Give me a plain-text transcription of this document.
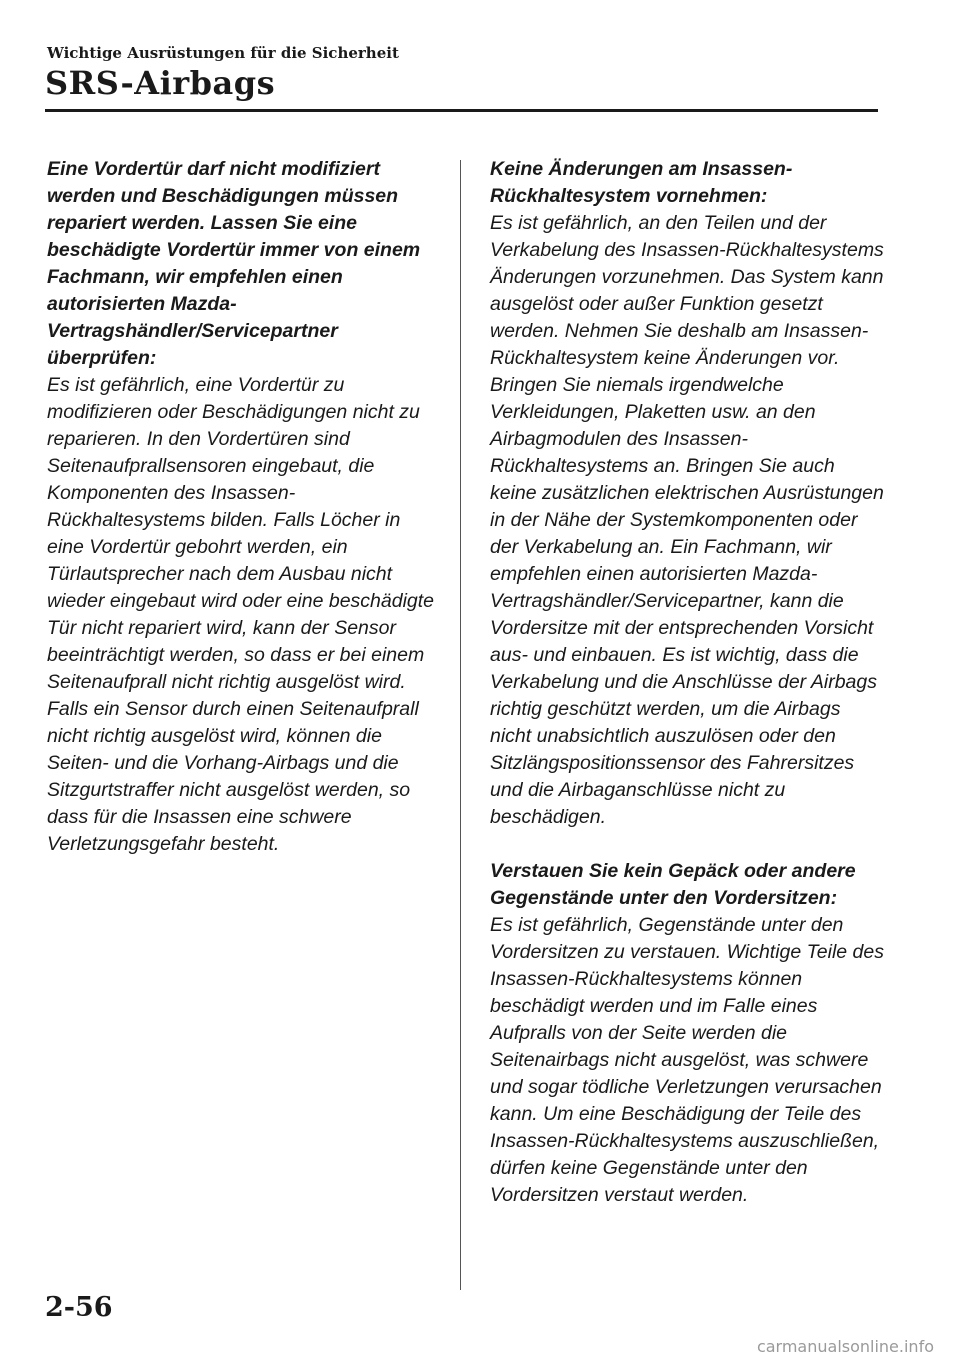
Wichtige Ausrüstungen für die Sicherheit
SRS-Airbags

Eine Vordertür darf nicht modifiziert werden und Beschädigungen müssen repariert werden. Lassen Sie eine beschädigte Vordertür immer von einem Fachmann, wir empfehlen einen autorisierten Mazda-Vertragshändler/Servicepartner überprüfen:

Es ist gefährlich, eine Vordertür zu modifizieren oder Beschädigungen nicht zu reparieren. In den Vordertüren sind Seitenaufprallsensoren eingebaut, die Komponenten des Insassen-Rückhaltesystems bilden. Falls Löcher in eine Vordertür gebohrt werden, ein Türlautsprecher nach dem Ausbau nicht wieder eingebaut wird oder eine beschädigte Tür nicht repariert wird, kann der Sensor beeinträchtigt werden, so dass er bei einem Seitenaufprall nicht richtig ausgelöst wird. Falls ein Sensor durch einen Seitenaufprall nicht richtig ausgelöst wird, können die Seiten- und die Vorhang-Airbags und die Sitzgurtstraffer nicht ausgelöst werden, so dass für die Insassen eine schwere Verletzungsgefahr besteht.

Keine Änderungen am Insassen-Rückhaltesystem vornehmen:

Es ist gefährlich, an den Teilen und der Verkabelung des Insassen-Rückhaltesystems Änderungen vorzunehmen. Das System kann ausgelöst oder außer Funktion gesetzt werden. Nehmen Sie deshalb am Insassen-Rückhaltesystem keine Änderungen vor. Bringen Sie niemals irgendwelche Verkleidungen, Plaketten usw. an den Airbagmodulen des Insassen-Rückhaltesystems an. Bringen Sie auch keine zusätzlichen elektrischen Ausrüstungen in der Nähe der Systemkomponenten oder der Verkabelung an. Ein Fachmann, wir empfehlen einen autorisierten Mazda-Vertragshändler/Servicepartner, kann die Vordersitze mit der entsprechenden Vorsicht aus- und einbauen. Es ist wichtig, dass die Verkabelung und die Anschlüsse der Airbags richtig geschützt werden, um die Airbags nicht unabsichtlich auszulösen oder den Sitzlängspositionssensor des Fahrersitzes und die Airbaganschlüsse nicht zu beschädigen.

Verstauen Sie kein Gepäck oder andere Gegenstände unter den Vordersitzen:

Es ist gefährlich, Gegenstände unter den Vordersitzen zu verstauen. Wichtige Teile des Insassen-Rückhaltesystems können beschädigt werden und im Falle eines Aufpralls von der Seite werden die Seitenairbags nicht ausgelöst, was schwere und sogar tödliche Verletzungen verursachen kann. Um eine Beschädigung der Teile des Insassen-Rückhaltesystems auszuschließen, dürfen keine Gegenstände unter den Vordersitzen verstaut werden.

2-56
carmanualsonline.info
